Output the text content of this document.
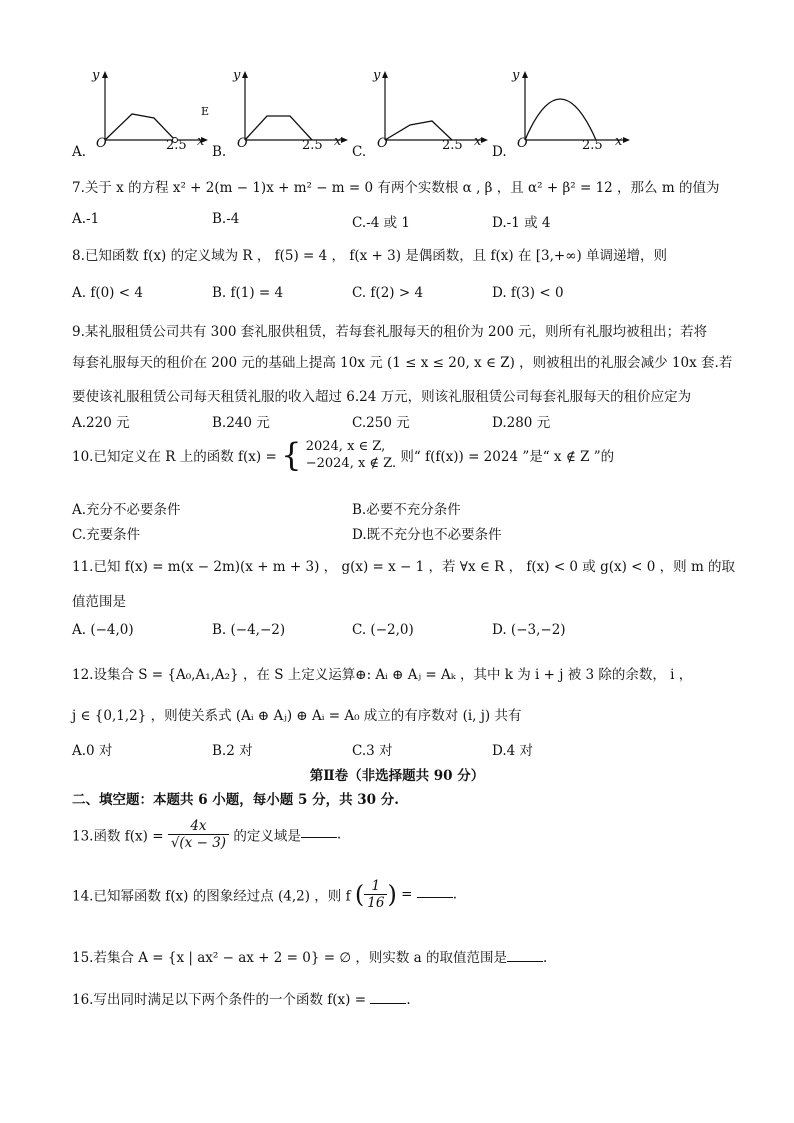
y
O	2.5 x
E
A.
y
O	2.5 x
B.
y
O	2.5 x
C.
y
O	2.5 x
D.
7.关于 x 的方程 x² + 2(m − 1)x + m² − m = 0 有两个实数根 α , β ，且 α² + β² = 12 ，那么 m 的值为
A.-1	B.-4	C.-4 或 1	D.-1 或 4
8.已知函数 f(x) 的定义域为 R ， f(5) = 4 ， f(x + 3) 是偶函数，且 f(x) 在 [3,+∞) 单调递增，则
A. f(0) < 4	B. f(1) = 4	C. f(2) > 4	D. f(3) < 0
9.某礼服租赁公司共有 300 套礼服供租赁，若每套礼服每天的租价为 200 元，则所有礼服均被租出；若将
每套礼服每天的租价在 200 元的基础上提高 10x 元 (1 ≤ x ≤ 20, x ∈ Z) ，则被租出的礼服会减少 10x 套.若
要使该礼服租赁公司每天租赁礼服的收入超过 6.24 万元，则该礼服租赁公司每套礼服每天的租价应定为
A.220 元	B.240 元	C.250 元	D.280 元
10.已知定义在 R 上的函数 f(x) = { 2024, x ∈ Z,
−2024, x ∉ Z. 则“ f(f(x)) = 2024 ”是“ x ∉ Z ”的
A.充分不必要条件	B.必要不充分条件
C.充要条件	D.既不充分也不必要条件
11.已知 f(x) = m(x − 2m)(x + m + 3) ， g(x) = x − 1 ，若 ∀x ∈ R ， f(x) < 0 或 g(x) < 0 ，则 m 的取
值范围是
A. (−4,0)	B. (−4,−2)	C. (−2,0)	D. (−3,−2)
12.设集合 S = {A₀,A₁,A₂} ，在 S 上定义运算⊕: Aᵢ ⊕ Aⱼ = Aₖ ，其中 k 为 i + j 被 3 除的余数， i ，
j ∈ {0,1,2} ，则使关系式 (Aᵢ ⊕ Aⱼ) ⊕ Aᵢ = A₀ 成立的有序数对 (i, j) 共有
A.0 对	B.2 对	C.3 对	D.4 对
第Ⅱ卷（非选择题共 90 分）
二、填空题：本题共 6 小题，每小题 5 分，共 30 分.
13.函数 $f(x) = \frac{4x}{√(x - 3)}$ 的定义域是	.
14.已知幂函数 f(x) 的图象经过点 (4,2) ，则 f ( $\frac{1}{16}$ ) =	.
15.若集合 A = {x | ax² − ax + 2 = 0} = ∅ ，则实数 a 的取值范围是	.
16.写出同时满足以下两个条件的一个函数 f(x) =	.
